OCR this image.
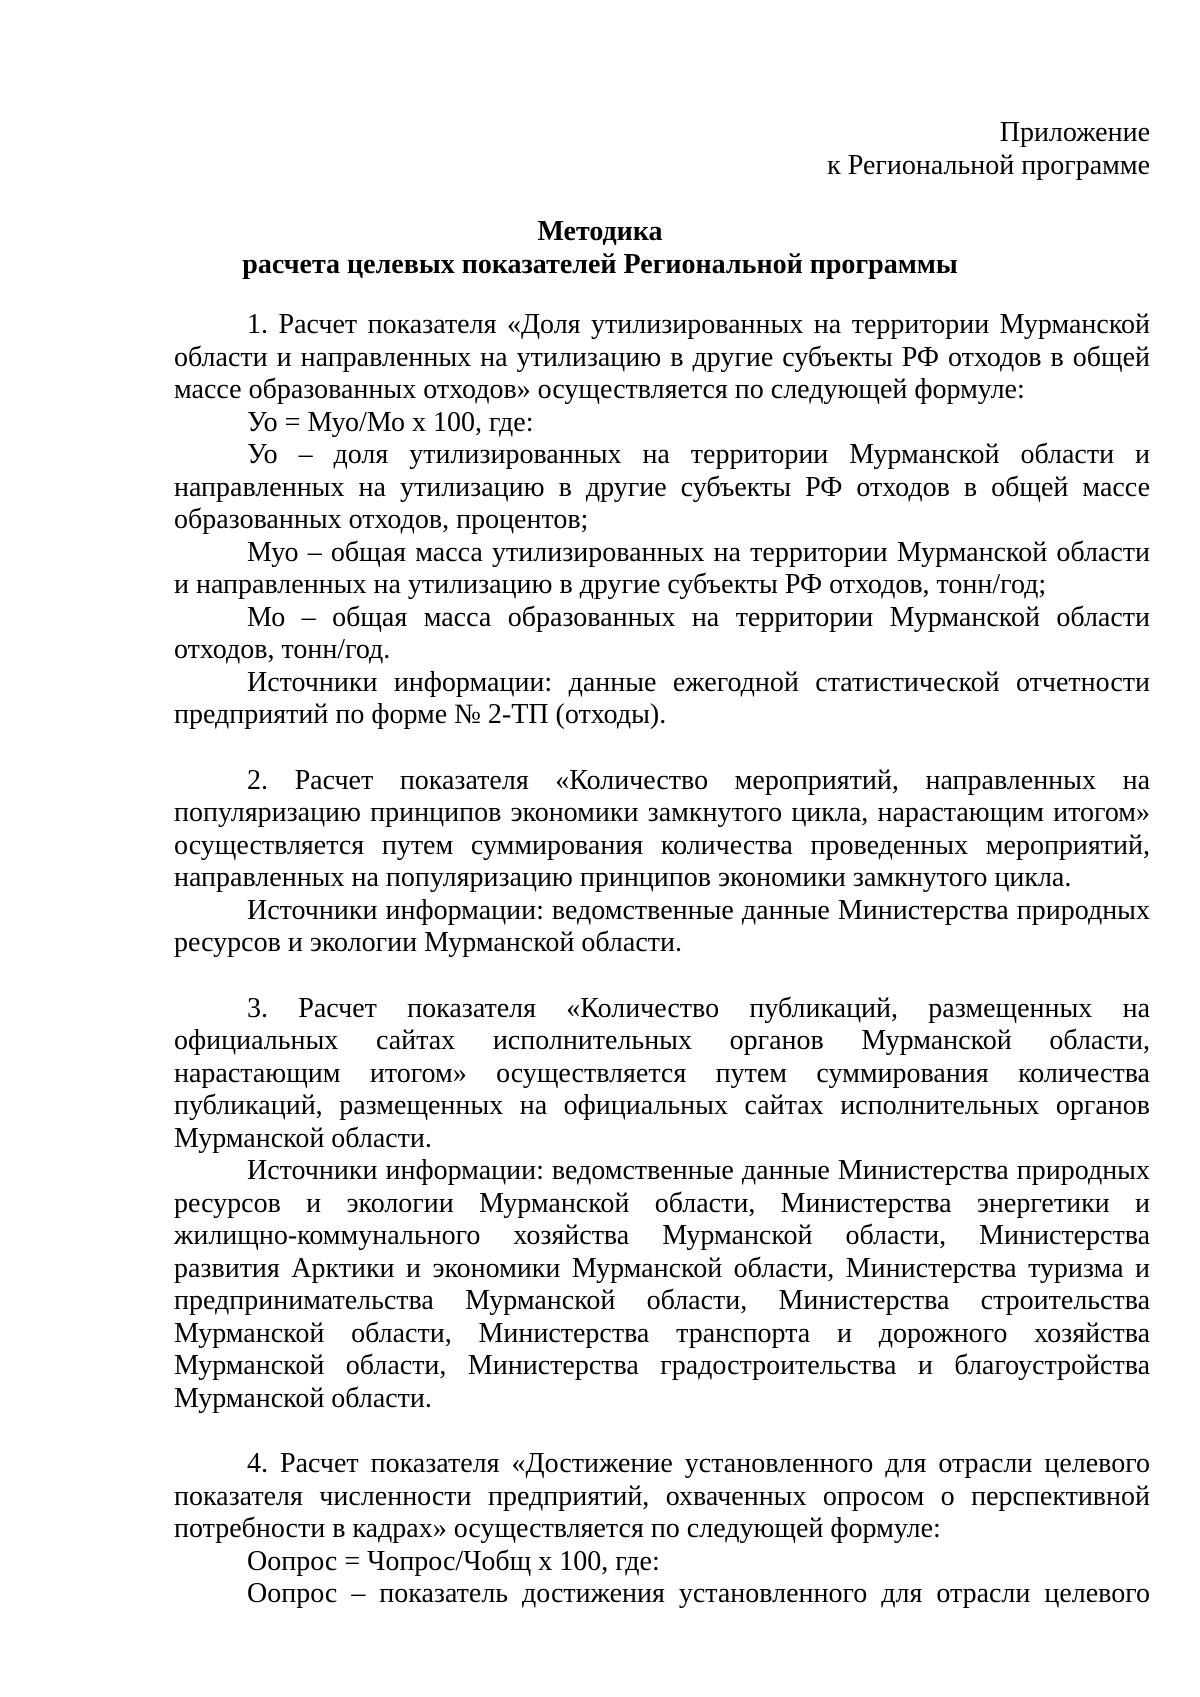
Приложение
к Региональной программе
Методика
расчета целевых показателей Региональной программы

1. Расчет показателя «Доля утилизированных на территории Мурманской области и направленных на утилизацию в другие субъекты РФ отходов в общей массе образованных отходов» осуществляется по следующей формуле:

Уо = Муо/Мо х 100, где:

Уо – доля утилизированных на территории Мурманской области и направленных на утилизацию в другие субъекты РФ отходов в общей массе образованных отходов, процентов;

Муо – общая масса утилизированных на территории Мурманской области и направленных на утилизацию в другие субъекты РФ отходов, тонн/год;

Мо – общая масса образованных на территории Мурманской области отходов, тонн/год.

Источники информации: данные ежегодной статистической отчетности предприятий по форме № 2-ТП (отходы).

2. Расчет показателя «Количество мероприятий, направленных на популяризацию принципов экономики замкнутого цикла, нарастающим итогом» осуществляется путем суммирования количества проведенных мероприятий, направленных на популяризацию принципов экономики замкнутого цикла.

Источники информации: ведомственные данные Министерства природных ресурсов и экологии Мурманской области.

3. Расчет показателя «Количество публикаций, размещенных на официальных сайтах исполнительных органов Мурманской области, нарастающим итогом» осуществляется путем суммирования количества публикаций, размещенных на официальных сайтах исполнительных органов Мурманской области.

Источники информации: ведомственные данные Министерства природных ресурсов и экологии Мурманской области, Министерства энергетики и жилищно-коммунального хозяйства Мурманской области, Министерства развития Арктики и экономики Мурманской области, Министерства туризма и предпринимательства Мурманской области, Министерства строительства Мурманской области, Министерства транспорта и дорожного хозяйства Мурманской области, Министерства градостроительства и благоустройства Мурманской области.

4. Расчет показателя «Достижение установленного для отрасли целевого показателя численности предприятий, охваченных опросом о перспективной потребности в кадрах» осуществляется по следующей формуле:

Оопрос = Чопрос/Чобщ х 100, где:

Оопрос – показатель достижения установленного для отрасли целевого
